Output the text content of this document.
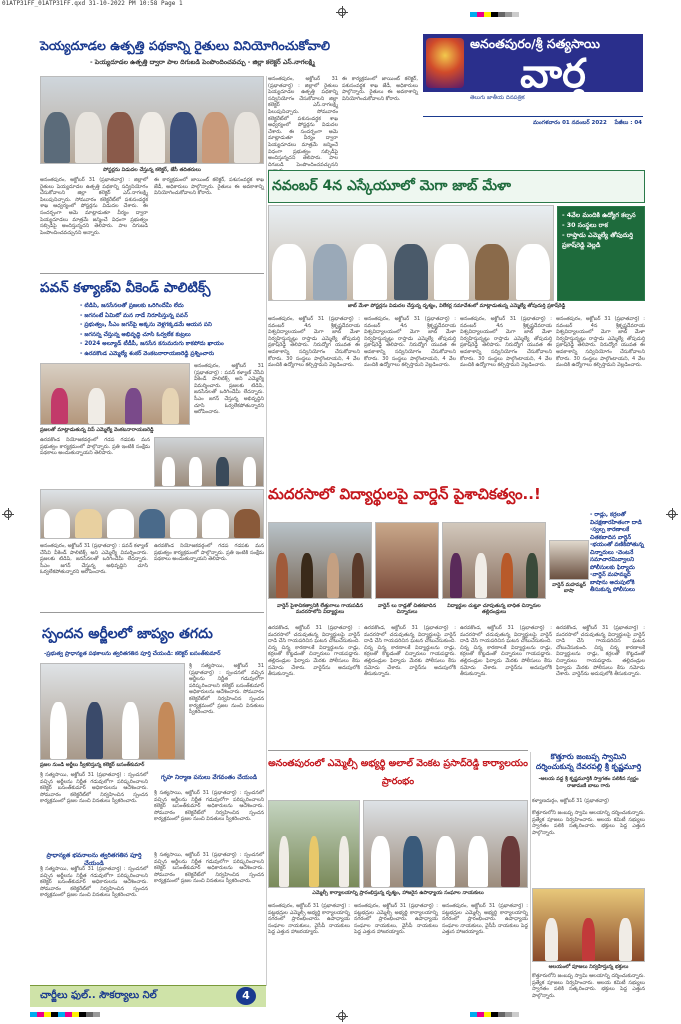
01ATP31FF_01ATP31FF.qxd 31-10-2022 PM 10:58 Page 1
పెయ్యదూడల ఉత్పత్తి పథకాన్ని రైతులు వినియోగించుకోవాలి
- పెయ్యదూడల ఉత్పత్తి ద్వారా పాల దిగుబడి పెంపొందించవచ్చు - జిల్లా కలెక్టర్ ఎస్.నాగలక్ష్మి
పోస్టర్లను విడుదల చేస్తున్న కలెక్టర్, జేసీ తదితరులు

అనంతపురం, అక్టోబర్ 31 (ప్రభాతవార్త) : జిల్లాలో రైతులు పెయ్యదూడల ఉత్పత్తి పథకాన్ని సద్వినియోగం చేసుకోవాలని జిల్లా కలెక్టర్ ఎస్.నాగలక్ష్మి పిలుపునిచ్చారు. సోమవారం కలెక్టరేట్‌లో పశుసంవర్ధక శాఖ ఆధ్వర్యంలో పోస్టర్లను విడుదల చేశారు. ఈ సందర్భంగా ఆమె మాట్లాడుతూ వీర్యం ద్వారా పెయ్యదూడలు మాత్రమే జన్మించే విధంగా ప్రభుత్వం సబ్సిడీపై అందిస్తున్నదని తెలిపారు. పాల దిగుబడి పెంపొందించవచ్చునని అన్నారు.

ఈ కార్యక్రమంలో జాయింట్ కలెక్టర్, పశుసంవర్ధక శాఖ జేడీ, అధికారులు పాల్గొన్నారు. రైతులు ఈ అవకాశాన్ని వినియోగించుకోవాలని కోరారు.

అనంతపురం, అక్టోబర్ 31 (ప్రభాతవార్త) : జిల్లాలో రైతులు పెయ్యదూడల ఉత్పత్తి పథకాన్ని సద్వినియోగం చేసుకోవాలని జిల్లా కలెక్టర్ ఎస్.నాగలక్ష్మి పిలుపునిచ్చారు. సోమవారం కలెక్టరేట్‌లో పశుసంవర్ధక శాఖ ఆధ్వర్యంలో పోస్టర్లను విడుదల చేశారు. ఈ సందర్భంగా ఆమె మాట్లాడుతూ వీర్యం ద్వారా పెయ్యదూడలు మాత్రమే జన్మించే విధంగా ప్రభుత్వం సబ్సిడీపై అందిస్తున్నదని తెలిపారు. పాల దిగుబడి పెంపొందించవచ్చునని

ఈ కార్యక్రమంలో జాయింట్ కలెక్టర్, పశుసంవర్ధక శాఖ జేడీ, అధికారులు పాల్గొన్నారు. రైతులు ఈ అవకాశాన్ని వినియోగించుకోవాలని కోరారు.

అనంతపురం/శ్రీ సత్యసాయి
వార్త
తెలుగు జాతీయ దినపత్రిక
మంగళవారం 01 నవంబర్ 2022	పేజీలు : 04
నవంబర్ 4న ఎస్కేయూలో మెగా జాబ్ మేళా
- 4వేల మందికి ఉద్యోగ కల్పన
- 30 సంస్థలు రాక
- రాప్తాడు ఎమ్మెల్యే తోపుదుర్తి ప్రకాష్‌రెడ్డి వెల్లడి
జాబ్ మేళా పోస్టర్లను విడుదల చేస్తున్న దృశ్యం, విలేకర్ల సమావేశంలో మాట్లాడుతున్న ఎమ్మెల్యే తోపుదుర్తి ప్రకాష్‌రెడ్డి

అనంతపురం, అక్టోబర్ 31 (ప్రభాతవార్త) : నవంబర్ 4న శ్రీకృష్ణదేవరాయ విశ్వవిద్యాలయంలో మెగా జాబ్ మేళా నిర్వహిస్తున్నట్లు రాప్తాడు ఎమ్మెల్యే తోపుదుర్తి ప్రకాష్‌రెడ్డి తెలిపారు. నిరుద్యోగ యువత ఈ అవకాశాన్ని సద్వినియోగం చేసుకోవాలని కోరారు. 30 సంస్థలు పాల్గొంటాయని, 4 వేల మందికి ఉద్యోగాలు కల్పిస్తామని వెల్లడించారు.

అనంతపురం, అక్టోబర్ 31 (ప్రభాతవార్త) : నవంబర్ 4న శ్రీకృష్ణదేవరాయ విశ్వవిద్యాలయంలో మెగా జాబ్ మేళా నిర్వహిస్తున్నట్లు రాప్తాడు ఎమ్మెల్యే తోపుదుర్తి ప్రకాష్‌రెడ్డి తెలిపారు. నిరుద్యోగ యువత ఈ అవకాశాన్ని సద్వినియోగం చేసుకోవాలని కోరారు. 30 సంస్థలు పాల్గొంటాయని, 4 వేల మందికి ఉద్యోగాలు కల్పిస్తామని వెల్లడించారు.

అనంతపురం, అక్టోబర్ 31 (ప్రభాతవార్త) : నవంబర్ 4న శ్రీకృష్ణదేవరాయ విశ్వవిద్యాలయంలో మెగా జాబ్ మేళా నిర్వహిస్తున్నట్లు రాప్తాడు ఎమ్మెల్యే తోపుదుర్తి ప్రకాష్‌రెడ్డి తెలిపారు. నిరుద్యోగ యువత ఈ అవకాశాన్ని సద్వినియోగం చేసుకోవాలని కోరారు. 30 సంస్థలు పాల్గొంటాయని, 4 వేల మందికి ఉద్యోగాలు కల్పిస్తామని వెల్లడించారు.

అనంతపురం, అక్టోబర్ 31 (ప్రభాతవార్త) : నవంబర్ 4న శ్రీకృష్ణదేవరాయ విశ్వవిద్యాలయంలో మెగా జాబ్ మేళా నిర్వహిస్తున్నట్లు రాప్తాడు ఎమ్మెల్యే తోపుదుర్తి ప్రకాష్‌రెడ్డి తెలిపారు. నిరుద్యోగ యువత ఈ అవకాశాన్ని సద్వినియోగం చేసుకోవాలని కోరారు. 30 సంస్థలు పాల్గొంటాయని, 4 వేల మందికి ఉద్యోగాలు కల్పిస్తామని వెల్లడించారు.

పవన్ కళ్యాణ్‌వి వీకెండ్ పాలిటిక్స్
- టిడిపి, జనసేనలతో ప్రజలకు ఒరిగిందేమీ లేదు
- జగనంటే ఏమిటో మన నాడే నిరూపిస్తున్న పవన్
- ప్రభుత్వం, సీఎం జగన్‌పై అక్కసు వెళ్లగక్కడమే ఆయన పని
- జగనన్న చేస్తున్న అభివృద్ధి చూసి ఓర్వలేక కుట్రలు
- 2024 అల్యూడ్ టీడీపీ, జనసేన కనుమరుగు కాకపోదు ఖాయం
- ఉరవకొండ ఎమ్మెల్యే శంకర్ వెంకటనారాయణరెడ్డి ప్రశ్నించారు
ప్రజలతో మాట్లాడుతున్న విప్ ఎమ్మెల్యే వెంకటనారాయణరెడ్డి

అనంతపురం, అక్టోబర్ 31 (ప్రభాతవార్త) : పవన్ కళ్యాణ్ చేసేవి వీకెండ్ పాలిటిక్స్ అని ఎమ్మెల్యే విమర్శించారు. ప్రజలకు టిడిపి, జనసేనలతో ఒరిగిందేమీ లేదన్నారు. సీఎం జగన్ చేస్తున్న అభివృద్ధిని చూసి ఓర్వలేకపోతున్నారని ఆరోపించారు.

ఉరవకొండ నియోజకవర్గంలో గడప గడపకు మన ప్రభుత్వం కార్యక్రమంలో పాల్గొన్నారు. ప్రతి ఇంటికి సంక్షేమ పథకాలు అందుతున్నాయని తెలిపారు.

అనంతపురం, అక్టోబర్ 31 (ప్రభాతవార్త) : పవన్ కళ్యాణ్ చేసేవి వీకెండ్ పాలిటిక్స్ అని ఎమ్మెల్యే విమర్శించారు. ప్రజలకు టిడిపి, జనసేనలతో ఒరిగిందేమీ లేదన్నారు. సీఎం జగన్ చేస్తున్న అభివృద్ధిని చూసి ఓర్వలేకపోతున్నారని ఆరోపించారు.

ఉరవకొండ నియోజకవర్గంలో గడప గడపకు మన ప్రభుత్వం కార్యక్రమంలో పాల్గొన్నారు. ప్రతి ఇంటికి సంక్షేమ పథకాలు అందుతున్నాయని తెలిపారు.

మదరసాలో విద్యార్థులపై వార్డెన్ పైశాచికత్వం..!
- రాడ్లు, కర్రలతో విచక్షణారహితంగా దాడి -స్వల్ప కారణాలకే చితకబాదిన వార్డెన్ -భయంతో వణికిపోతున్న చిన్నారులు -వెంటనే సమాచారమివ్వాలని పోలీసులకు ఫిర్యాదు -వార్డెన్ మహమ్మద్ బాషాను అదుపులోకి తీసుకున్న పోలీసులు
వార్డెన్ పైశాచికత్వానికి లేత్తుగాలు గాయపడిన మదరసాలోని విద్యార్థులు
వార్డెన్ లు రాడ్లతో చితకబాదిన చిన్నారులు
విద్యార్థుల చుట్టూ చూపుతున్న బాధిత చిన్నారుల తల్లిదండ్రులు
వార్డెన్ మహమ్మద్ బాషా

ఉరవకొండ, అక్టోబర్ 31 (ప్రభాతవార్త) : మదరసాలో చదువుతున్న విద్యార్థులపై వార్డెన్ దాడి చేసి గాయపరిచిన ఘటన చోటుచేసుకుంది. చిన్న చిన్న కారణాలకే విద్యార్థులను రాడ్లు, కర్రలతో కొట్టడంతో చిన్నారులు గాయపడ్డారు. తల్లిదండ్రుల ఫిర్యాదు మేరకు పోలీసులు కేసు నమోదు చేశారు. వార్డెన్‌ను అదుపులోకి తీసుకున్నారు.

ఉరవకొండ, అక్టోబర్ 31 (ప్రభాతవార్త) : మదరసాలో చదువుతున్న విద్యార్థులపై వార్డెన్ దాడి చేసి గాయపరిచిన ఘటన చోటుచేసుకుంది. చిన్న చిన్న కారణాలకే విద్యార్థులను రాడ్లు, కర్రలతో కొట్టడంతో చిన్నారులు గాయపడ్డారు. తల్లిదండ్రుల ఫిర్యాదు మేరకు పోలీసులు కేసు నమోదు చేశారు. వార్డెన్‌ను అదుపులోకి తీసుకున్నారు.

ఉరవకొండ, అక్టోబర్ 31 (ప్రభాతవార్త) : మదరసాలో చదువుతున్న విద్యార్థులపై వార్డెన్ దాడి చేసి గాయపరిచిన ఘటన చోటుచేసుకుంది. చిన్న చిన్న కారణాలకే విద్యార్థులను రాడ్లు, కర్రలతో కొట్టడంతో చిన్నారులు గాయపడ్డారు. తల్లిదండ్రుల ఫిర్యాదు మేరకు పోలీసులు కేసు నమోదు చేశారు. వార్డెన్‌ను అదుపులోకి తీసుకున్నారు.

ఉరవకొండ, అక్టోబర్ 31 (ప్రభాతవార్త) : మదరసాలో చదువుతున్న విద్యార్థులపై వార్డెన్ దాడి చేసి గాయపరిచిన ఘటన చోటుచేసుకుంది. చిన్న చిన్న కారణాలకే విద్యార్థులను రాడ్లు, కర్రలతో కొట్టడంతో చిన్నారులు గాయపడ్డారు. తల్లిదండ్రుల ఫిర్యాదు మేరకు పోలీసులు కేసు నమోదు చేశారు. వార్డెన్‌ను అదుపులోకి తీసుకున్నారు.

స్పందన అర్జీలలో జాప్యం తగదు
-ప్రభుత్వ ప్రాధాన్యత పథకాలను త్వరితగతిన పూర్తి చేయండి: కలెక్టర్ బసంత్‌కుమార్
ప్రజల నుండి అర్జీలు స్వీకరిస్తున్న కలెక్టర్ బసంత్‌కుమార్

శ్రీ సత్యసాయి, అక్టోబర్ 31 (ప్రభాతవార్త) : స్పందనలో వచ్చిన అర్జీలను నిర్ణీత గడువులోగా పరిష్కరించాలని కలెక్టర్ బసంత్‌కుమార్ అధికారులను ఆదేశించారు. సోమవారం కలెక్టరేట్‌లో నిర్వహించిన స్పందన కార్యక్రమంలో ప్రజల నుంచి వినతులు స్వీకరించారు.

శ్రీ సత్యసాయి, అక్టోబర్ 31 (ప్రభాతవార్త) : స్పందనలో వచ్చిన అర్జీలను నిర్ణీత గడువులోగా పరిష్కరించాలని కలెక్టర్ బసంత్‌కుమార్ అధికారులను ఆదేశించారు. సోమవారం కలెక్టరేట్‌లో నిర్వహించిన స్పందన కార్యక్రమంలో ప్రజల నుంచి వినతులు స్వీకరించారు.

గృహ నిర్మాణ పనులు వేగవంతం చేయండి

శ్రీ సత్యసాయి, అక్టోబర్ 31 (ప్రభాతవార్త) : స్పందనలో వచ్చిన అర్జీలను నిర్ణీత గడువులోగా పరిష్కరించాలని కలెక్టర్ బసంత్‌కుమార్ అధికారులను ఆదేశించారు. సోమవారం కలెక్టరేట్‌లో నిర్వహించిన స్పందన కార్యక్రమంలో ప్రజల నుంచి వినతులు స్వీకరించారు.

ప్రాధాన్యత భవనాలను త్వరితగతిన పూర్తి చేయండి

శ్రీ సత్యసాయి, అక్టోబర్ 31 (ప్రభాతవార్త) : స్పందనలో వచ్చిన అర్జీలను నిర్ణీత గడువులోగా పరిష్కరించాలని కలెక్టర్ బసంత్‌కుమార్ అధికారులను ఆదేశించారు. సోమవారం కలెక్టరేట్‌లో నిర్వహించిన స్పందన కార్యక్రమంలో ప్రజల నుంచి వినతులు స్వీకరించారు.

శ్రీ సత్యసాయి, అక్టోబర్ 31 (ప్రభాతవార్త) : స్పందనలో వచ్చిన అర్జీలను నిర్ణీత గడువులోగా పరిష్కరించాలని కలెక్టర్ బసంత్‌కుమార్ అధికారులను ఆదేశించారు. సోమవారం కలెక్టరేట్‌లో నిర్వహించిన స్పందన కార్యక్రమంలో ప్రజల నుంచి వినతులు స్వీకరించారు.

అనంతపురంలో ఎమ్మెల్సీ అభ్యర్థి అలాల్ వెంకట ప్రసాద్‌రెడ్డి కార్యాలయం ప్రారంభం
ఎమ్మెల్సీ కార్యాలయాన్ని ప్రారంభిస్తున్న దృశ్యం, హాజరైన ఉపాధ్యాయ సంఘాల నాయకులు

అనంతపురం, అక్టోబర్ 31 (ప్రభాతవార్త) : పట్టభద్రుల ఎమ్మెల్సీ అభ్యర్థి కార్యాలయాన్ని నగరంలో ప్రారంభించారు. ఉపాధ్యాయ సంఘాల నాయకులు, వైసీపీ నాయకులు పెద్ద ఎత్తున హాజరయ్యారు.

అనంతపురం, అక్టోబర్ 31 (ప్రభాతవార్త) : పట్టభద్రుల ఎమ్మెల్సీ అభ్యర్థి కార్యాలయాన్ని నగరంలో ప్రారంభించారు. ఉపాధ్యాయ సంఘాల నాయకులు, వైసీపీ నాయకులు పెద్ద ఎత్తున హాజరయ్యారు.

అనంతపురం, అక్టోబర్ 31 (ప్రభాతవార్త) : పట్టభద్రుల ఎమ్మెల్సీ అభ్యర్థి కార్యాలయాన్ని నగరంలో ప్రారంభించారు. ఉపాధ్యాయ సంఘాల నాయకులు, వైసీపీ నాయకులు పెద్ద ఎత్తున హాజరయ్యారు.

కొత్తూరు జంబప్ప స్వామిని దర్శించుకున్న దేవరపల్లి శ్రీ కృష్ణమూర్తి
-ఆలయ వద్ద శ్రీ కృష్ణమూర్తికి స్వాగతం పలికిన స్వర్ణం రాజామణి బాబు గారు
కళ్యాణదుర్గం, అక్టోబర్ 31 (ప్రభాతవార్త)

కొత్తూరులోని జంబప్ప స్వామి ఆలయాన్ని దర్శించుకున్నారు. ప్రత్యేక పూజలు నిర్వహించారు. ఆలయ కమిటీ సభ్యులు స్వాగతం పలికి సత్కరించారు. భక్తులు పెద్ద ఎత్తున పాల్గొన్నారు.

ఆలయంలో పూజలు నిర్వహిస్తున్న భక్తులు

కొత్తూరులోని జంబప్ప స్వామి ఆలయాన్ని దర్శించుకున్నారు. ప్రత్యేక పూజలు నిర్వహించారు. ఆలయ కమిటీ సభ్యులు స్వాగతం పలికి సత్కరించారు. భక్తులు పెద్ద ఎత్తున పాల్గొన్నారు.

చార్జీలు ఫుల్.. సౌకర్యాలు నిల్	4
